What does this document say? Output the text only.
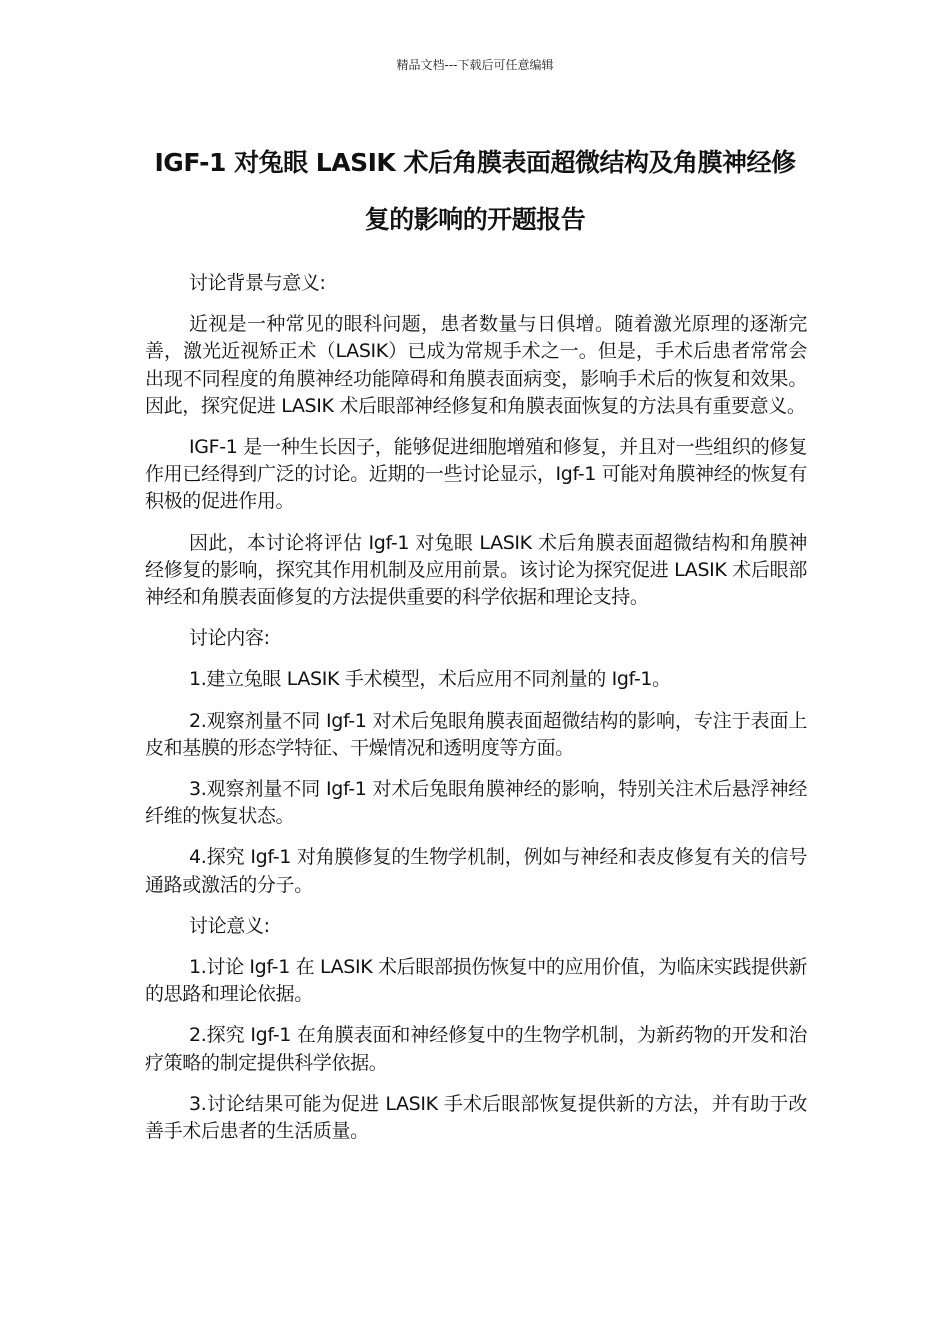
精品文档---下载后可任意编辑
IGF-1 对兔眼 LASIK 术后角膜表面超微结构及角膜神经修复的影响的开题报告

讨论背景与意义:

近视是一种常见的眼科问题，患者数量与日俱增。随着激光原理的逐渐完善，激光近视矫正术（LASIK）已成为常规手术之一。但是，手术后患者常常会出现不同程度的角膜神经功能障碍和角膜表面病变，影响手术后的恢复和效果。因此，探究促进 LASIK 术后眼部神经修复和角膜表面恢复的方法具有重要意义。

IGF-1 是一种生长因子，能够促进细胞增殖和修复，并且对一些组织的修复作用已经得到广泛的讨论。近期的一些讨论显示，Igf-1 可能对角膜神经的恢复有积极的促进作用。

因此，本讨论将评估 Igf-1 对兔眼 LASIK 术后角膜表面超微结构和角膜神经修复的影响，探究其作用机制及应用前景。该讨论为探究促进 LASIK 术后眼部神经和角膜表面修复的方法提供重要的科学依据和理论支持。

讨论内容:

1.建立兔眼 LASIK 手术模型，术后应用不同剂量的 Igf-1。

2.观察剂量不同 Igf-1 对术后兔眼角膜表面超微结构的影响，专注于表面上皮和基膜的形态学特征、干燥情况和透明度等方面。

3.观察剂量不同 Igf-1 对术后兔眼角膜神经的影响，特别关注术后悬浮神经纤维的恢复状态。

4.探究 Igf-1 对角膜修复的生物学机制，例如与神经和表皮修复有关的信号通路或激活的分子。

讨论意义:

1.讨论 Igf-1 在 LASIK 术后眼部损伤恢复中的应用价值，为临床实践提供新的思路和理论依据。

2.探究 Igf-1 在角膜表面和神经修复中的生物学机制，为新药物的开发和治疗策略的制定提供科学依据。

3.讨论结果可能为促进 LASIK 手术后眼部恢复提供新的方法，并有助于改善手术后患者的生活质量。
